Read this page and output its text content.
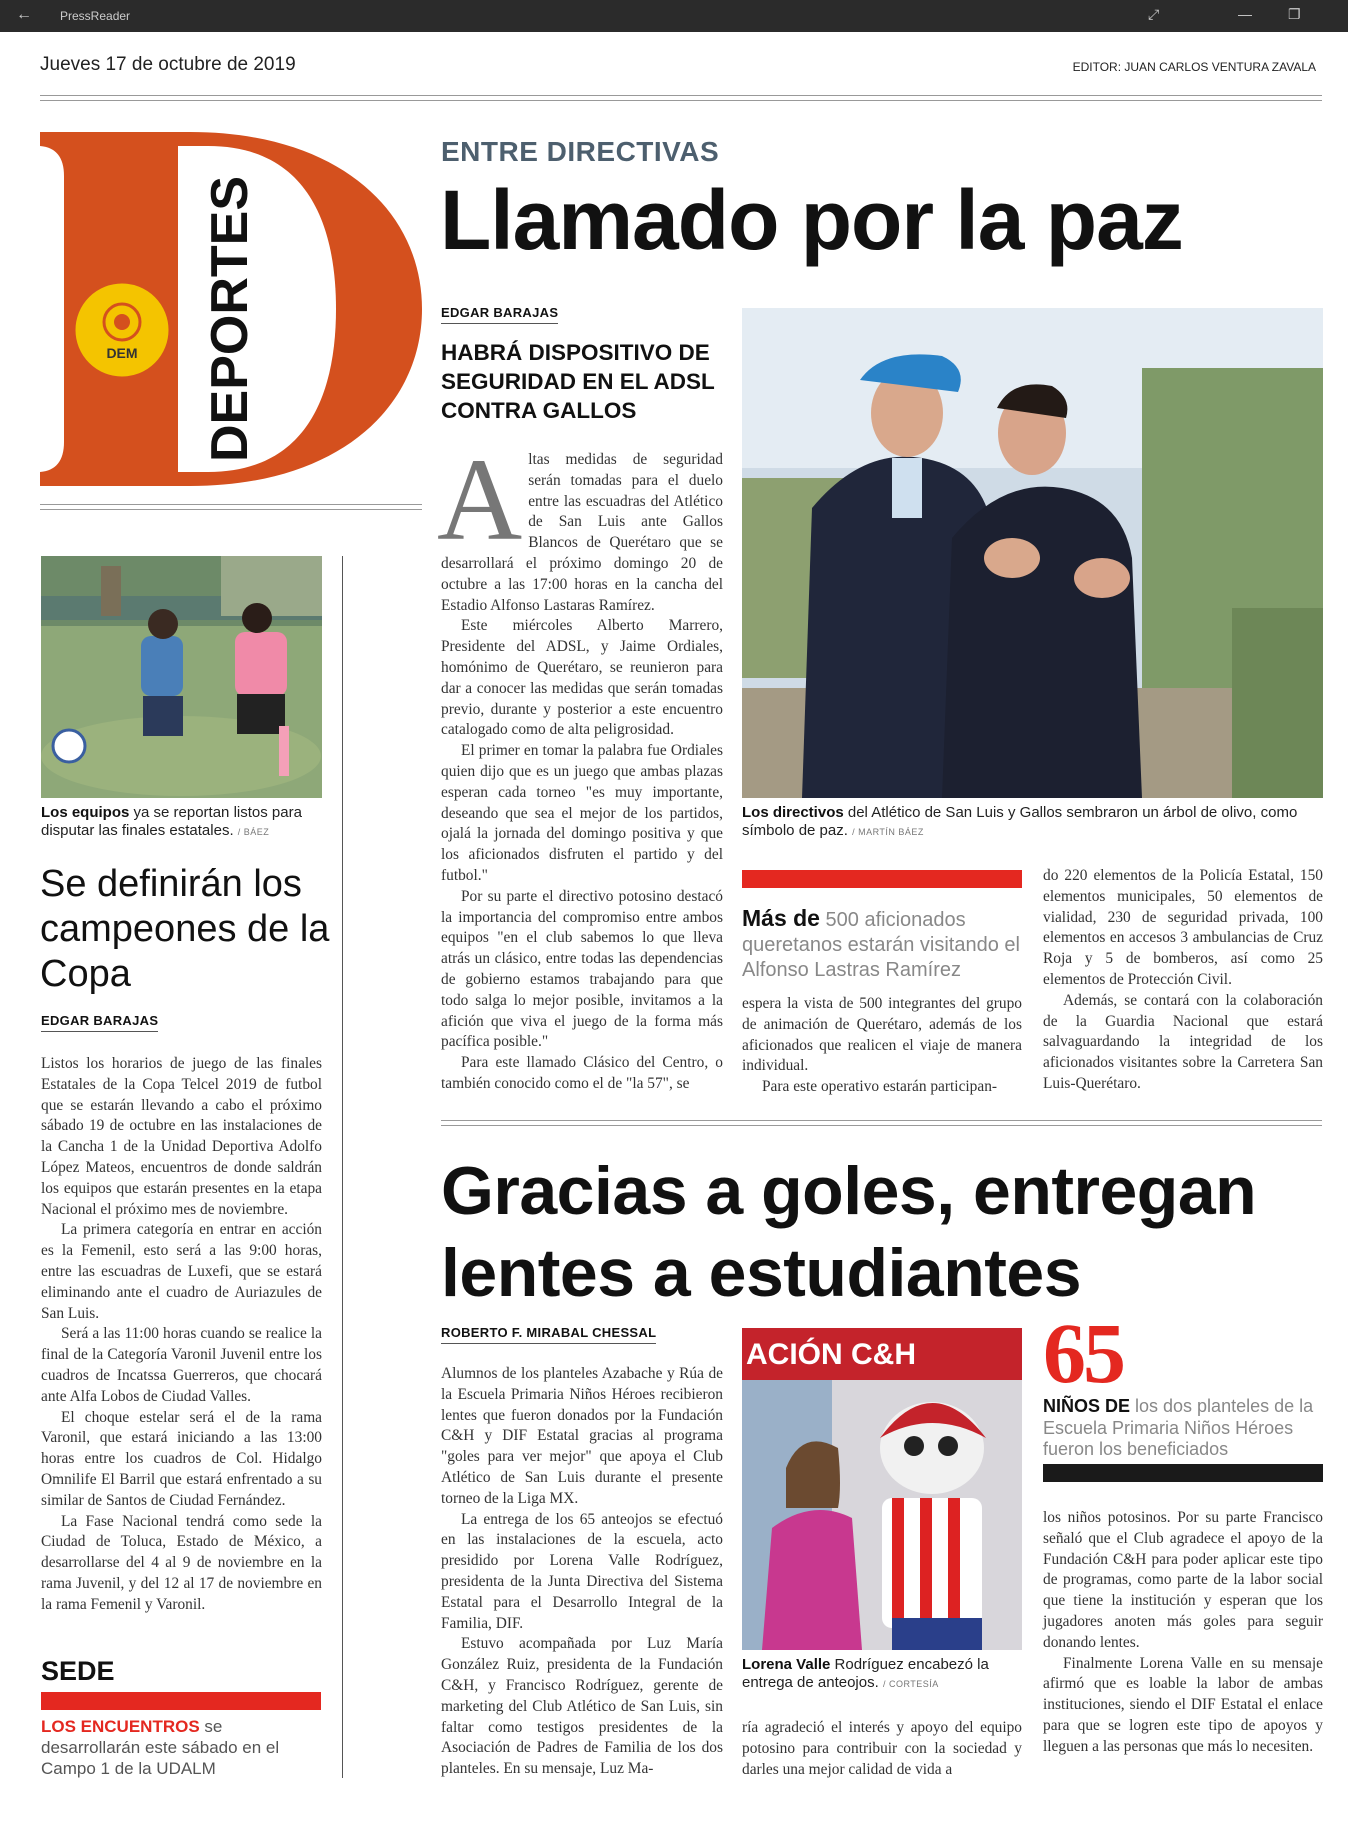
← PressReader	⤢	—	❐
Jueves 17 de octubre de 2019	EDITOR: JUAN CARLOS VENTURA ZAVALA
DEM DEPORTES
Los equipos ya se reportan listos para disputar las finales estatales. / BÁEZ
Se definirán los campeones de la Copa
EDGAR BARAJAS

Listos los horarios de juego de las finales Estatales de la Copa Telcel 2019 de futbol que se estarán llevando a cabo el próximo sábado 19 de octubre en las instalaciones de la Cancha 1 de la Unidad Deportiva Adolfo López Mateos, encuentros de donde saldrán los equipos que estarán presentes en la etapa Nacional el próximo mes de noviembre.

La primera categoría en entrar en acción es la Femenil, esto será a las 9:00 horas, entre las escuadras de Luxefi, que se estará eliminando ante el cuadro de Auriazules de San Luis.

Será a las 11:00 horas cuando se realice la final de la Categoría Varonil Juvenil entre los cuadros de Incatssa Guerreros, que chocará ante Alfa Lobos de Ciudad Valles.

El choque estelar será el de la rama Varonil, que estará iniciando a las 13:00 horas entre los cuadros de Col. Hidalgo Omnilife El Barril que estará enfrentado a su similar de Santos de Ciudad Fernández.

La Fase Nacional tendrá como sede la Ciudad de Toluca, Estado de México, a desarrollarse del 4 al 9 de noviembre en la rama Juvenil, y del 12 al 17 de noviembre en la rama Femenil y Varonil.

SEDE
LOS ENCUENTROS se desarrollarán este sábado en el Campo 1 de la UDALM
ENTRE DIRECTIVAS
Llamado por la paz
EDGAR BARAJAS
HABRÁ DISPOSITIVO DE SEGURIDAD EN EL ADSL CONTRA GALLOS

Altas medidas de seguridad serán tomadas para el duelo entre las escuadras del Atlético de San Luis ante Gallos Blancos de Querétaro que se desarrollará el próximo domingo 20 de octubre a las 17:00 horas en la cancha del Estadio Alfonso Lastaras Ramírez.

Este miércoles Alberto Marrero, Presidente del ADSL, y Jaime Ordiales, homónimo de Querétaro, se reunieron para dar a conocer las medidas que serán tomadas previo, durante y posterior a este encuentro catalogado como de alta peligrosidad.

El primer en tomar la palabra fue Ordiales quien dijo que es un juego que ambas plazas esperan cada torneo "es muy importante, deseando que sea el mejor de los partidos, ojalá la jornada del domingo positiva y que los aficionados disfruten el partido y del futbol."

Por su parte el directivo potosino destacó la importancia del compromiso entre ambos equipos "en el club sabemos lo que lleva atrás un clásico, entre todas las dependencias de gobierno estamos trabajando para que todo salga lo mejor posible, invitamos a la afición que viva el juego de la forma más pacífica posible."

Para este llamado Clásico del Centro, o también conocido como el de "la 57", se

Los directivos del Atlético de San Luis y Gallos sembraron un árbol de olivo, como símbolo de paz. / MARTÍN BÁEZ
Más de 500 aficionados queretanos estarán visitando el Alfonso Lastras Ramírez

espera la vista de 500 integrantes del grupo de animación de Querétaro, además de los aficionados que realicen el viaje de manera individual.

Para este operativo estarán participan-

do 220 elementos de la Policía Estatal, 150 elementos municipales, 50 elementos de vialidad, 230 de seguridad privada, 100 elementos en accesos 3 ambulancias de Cruz Roja y 5 de bomberos, así como 25 elementos de Protección Civil.

Además, se contará con la colaboración de la Guardia Nacional que estará salvaguardando la integridad de los aficionados visitantes sobre la Carretera San Luis-Querétaro.

Gracias a goles, entregan
lentes a estudiantes
ROBERTO F. MIRABAL CHESSAL

Alumnos de los planteles Azabache y Rúa de la Escuela Primaria Niños Héroes recibieron lentes que fueron donados por la Fundación C&H y DIF Estatal gracias al programa "goles para ver mejor" que apoya el Club Atlético de San Luis durante el presente torneo de la Liga MX.

La entrega de los 65 anteojos se efectuó en las instalaciones de la escuela, acto presidido por Lorena Valle Rodríguez, presidenta de la Junta Directiva del Sistema Estatal para el Desarrollo Integral de la Familia, DIF.

Estuvo acompañada por Luz María González Ruiz, presidenta de la Fundación C&H, y Francisco Rodríguez, gerente de marketing del Club Atlético de San Luis, sin faltar como testigos presidentes de la Asociación de Padres de Familia de los dos planteles. En su mensaje, Luz Ma-

ACIÓN C&H
Lorena Valle Rodríguez encabezó la entrega de anteojos. / CORTESÍA

ría agradeció el interés y apoyo del equipo potosino para contribuir con la sociedad y darles una mejor calidad de vida a

65
NIÑOS DE los dos planteles de la Escuela Primaria Niños Héroes fueron los beneficiados

los niños potosinos. Por su parte Francisco señaló que el Club agradece el apoyo de la Fundación C&H para poder aplicar este tipo de programas, como parte de la labor social que tiene la institución y esperan que los jugadores anoten más goles para seguir donando lentes.

Finalmente Lorena Valle en su mensaje afirmó que es loable la labor de ambas instituciones, siendo el DIF Estatal el enlace para que se logren este tipo de apoyos y lleguen a las personas que más lo necesiten.
